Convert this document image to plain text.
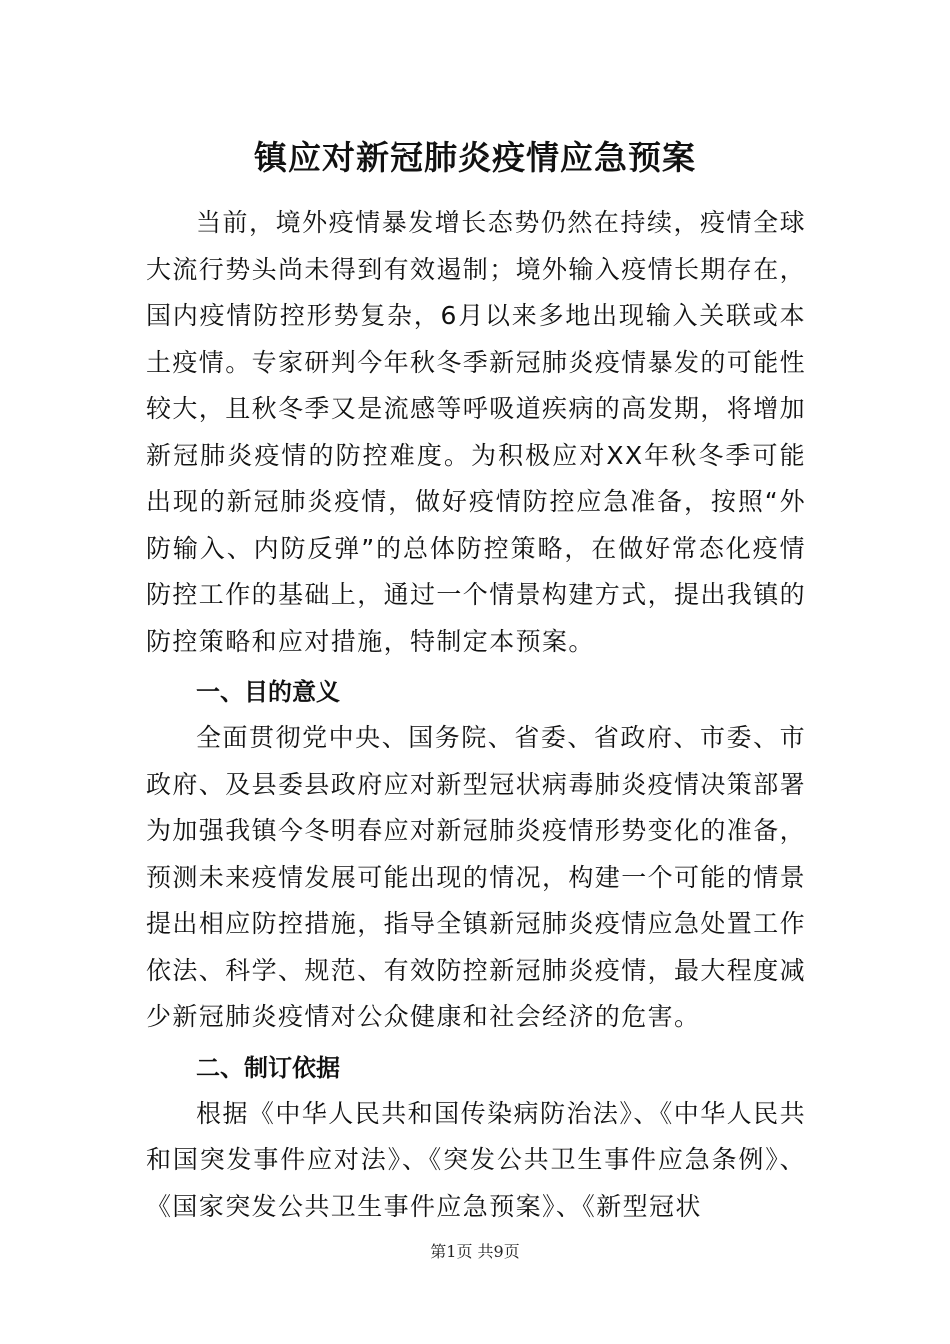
镇应对新冠肺炎疫情应急预案

当前，境外疫情暴发增长态势仍然在持续，疫情全球大流行势头尚未得到有效遏制；境外输入疫情长期存在，国内疫情防控形势复杂，6月以来多地出现输入关联或本土疫情。专家研判今年秋冬季新冠肺炎疫情暴发的可能性较大，且秋冬季又是流感等呼吸道疾病的高发期，将增加新冠肺炎疫情的防控难度。为积极应对XX年秋冬季可能出现的新冠肺炎疫情，做好疫情防控应急准备，按照“外防输入、内防反弹”的总体防控策略，在做好常态化疫情防控工作的基础上，通过一个情景构建方式，提出我镇的防控策略和应对措施，特制定本预案。

一、目的意义

全面贯彻党中央、国务院、省委、省政府、市委、市政府、及县委县政府应对新型冠状病毒肺炎疫情决策部署为加强我镇今冬明春应对新冠肺炎疫情形势变化的准备，预测未来疫情发展可能出现的情况，构建一个可能的情景提出相应防控措施，指导全镇新冠肺炎疫情应急处置工作依法、科学、规范、有效防控新冠肺炎疫情，最大程度减少新冠肺炎疫情对公众健康和社会经济的危害。

二、制订依据

根据《中华人民共和国传染病防治法》、《中华人民共和国突发事件应对法》、《突发公共卫生事件应急条例》、《国家突发公共卫生事件应急预案》、《新型冠状

第1页 共9页
